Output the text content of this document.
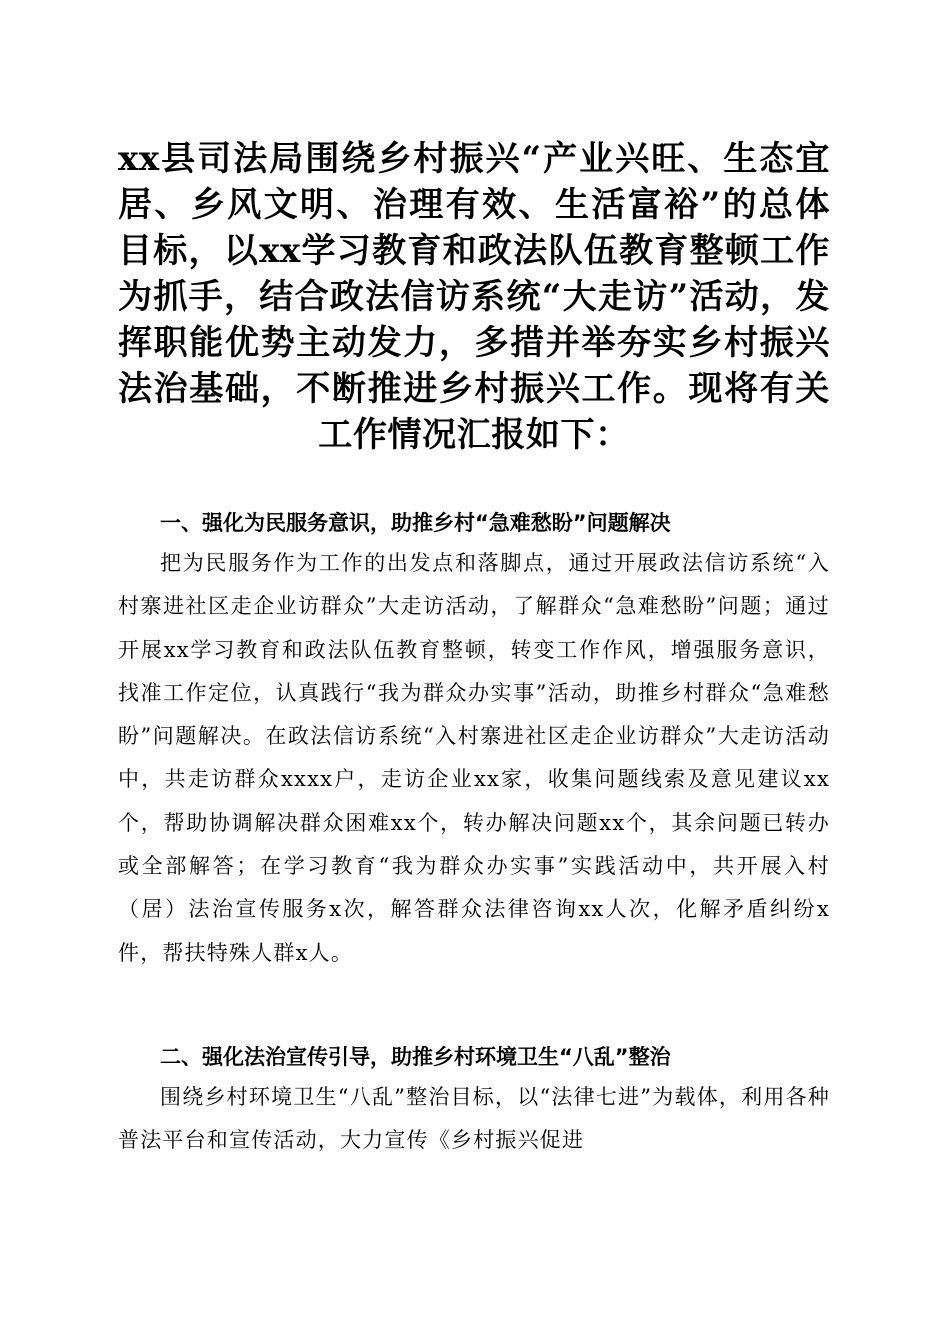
xx县司法局围绕乡村振兴“产业兴旺、生态宜居、乡风文明、治理有效、生活富裕”的总体目标，以xx学习教育和政法队伍教育整顿工作为抓手，结合政法信访系统“大走访”活动，发挥职能优势主动发力，多措并举夯实乡村振兴法治基础，不断推进乡村振兴工作。现将有关工作情况汇报如下：

一、强化为民服务意识，助推乡村“急难愁盼”问题解决

把为民服务作为工作的出发点和落脚点，通过开展政法信访系统“入村寨进社区走企业访群众”大走访活动，了解群众“急难愁盼”问题；通过开展xx学习教育和政法队伍教育整顿，转变工作作风，增强服务意识，找准工作定位，认真践行“我为群众办实事”活动，助推乡村群众“急难愁盼”问题解决。在政法信访系统“入村寨进社区走企业访群众”大走访活动中，共走访群众xxxx户，走访企业xx家，收集问题线索及意见建议xx个，帮助协调解决群众困难xx个，转办解决问题xx个，其余问题已转办或全部解答；在学习教育“我为群众办实事”实践活动中，共开展入村（居）法治宣传服务x次，解答群众法律咨询xx人次，化解矛盾纠纷x件，帮扶特殊人群x人。

二、强化法治宣传引导，助推乡村环境卫生“八乱”整治

围绕乡村环境卫生“八乱”整治目标，以“法律七进”为载体，利用各种普法平台和宣传活动，大力宣传《乡村振兴促进
